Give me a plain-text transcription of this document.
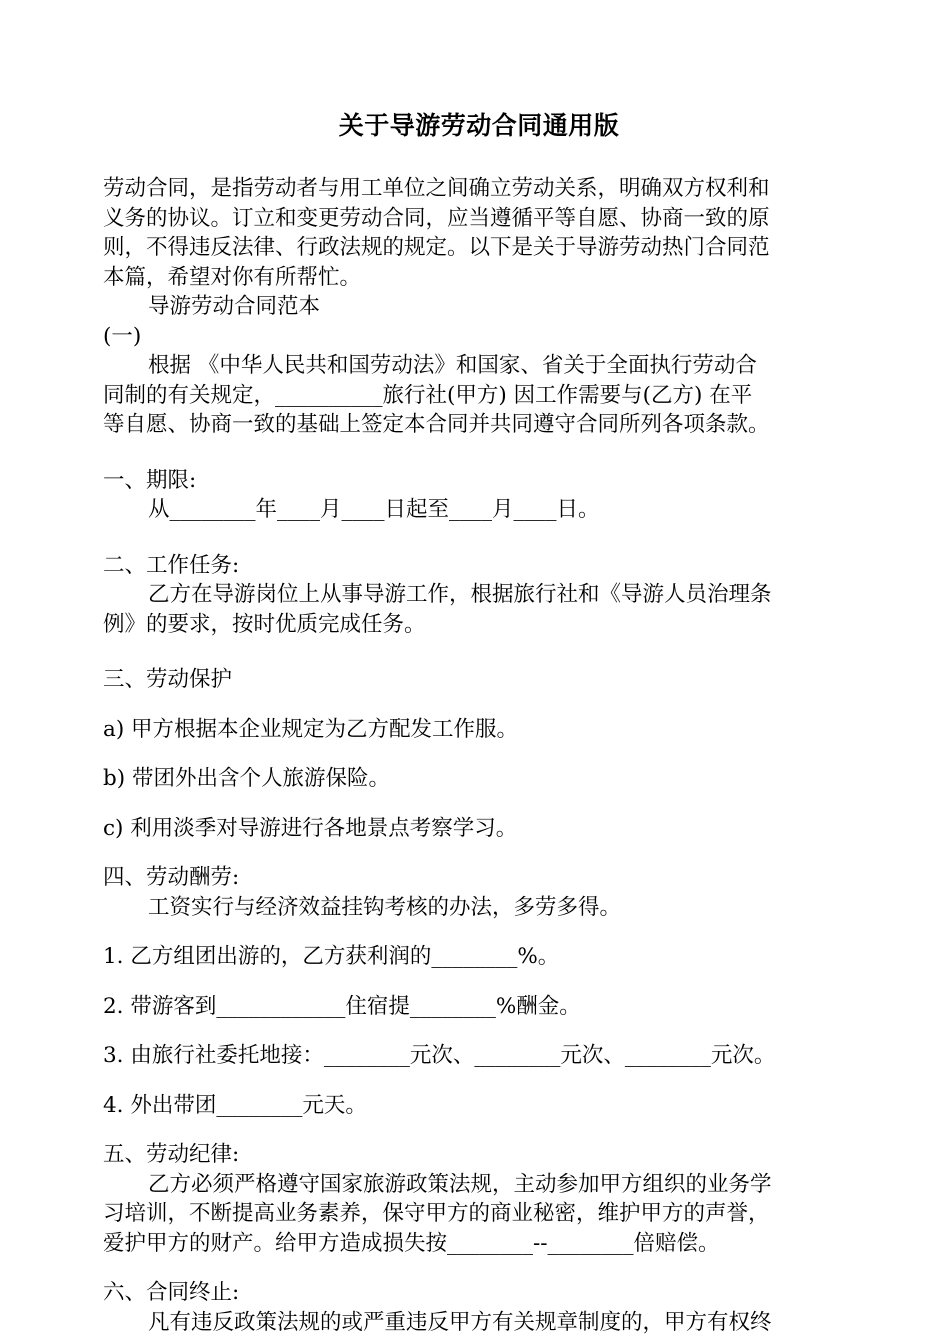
关于导游劳动合同通用版

劳动合同，是指劳动者与用工单位之间确立劳动关系，明确双方权利和

义务的协议。订立和变更劳动合同，应当遵循平等自愿、协商一致的原

则，不得违反法律、行政法规的规定。以下是关于导游劳动热门合同范

本篇，希望对你有所帮忙。

导游劳动合同范本

(一)

根据 《中华人民共和国劳动法》和国家、省关于全面执行劳动合

同制的有关规定，__________旅行社(甲方) 因工作需要与(乙方) 在平

等自愿、协商一致的基础上签定本合同并共同遵守合同所列各项条款。

一、期限:

从________年____月____日起至____月____日。

二、工作任务:

乙方在导游岗位上从事导游工作，根据旅行社和《导游人员治理条

例》的要求，按时优质完成任务。

三、劳动保护

a) 甲方根据本企业规定为乙方配发工作服。

b) 带团外出含个人旅游保险。

c) 利用淡季对导游进行各地景点考察学习。

四、劳动酬劳:

工资实行与经济效益挂钩考核的办法，多劳多得。

1. 乙方组团出游的，乙方获利润的________%。

2. 带游客到____________住宿提________%酬金。

3. 由旅行社委托地接：________元次、________元次、________元次。

4. 外出带团________元天。

五、劳动纪律:

乙方必须严格遵守国家旅游政策法规，主动参加甲方组织的业务学

习培训，不断提高业务素养，保守甲方的商业秘密，维护甲方的声誉，

爱护甲方的财产。给甲方造成损失按________--________倍赔偿。

六、合同终止:

凡有违反政策法规的或严重违反甲方有关规章制度的，甲方有权终
